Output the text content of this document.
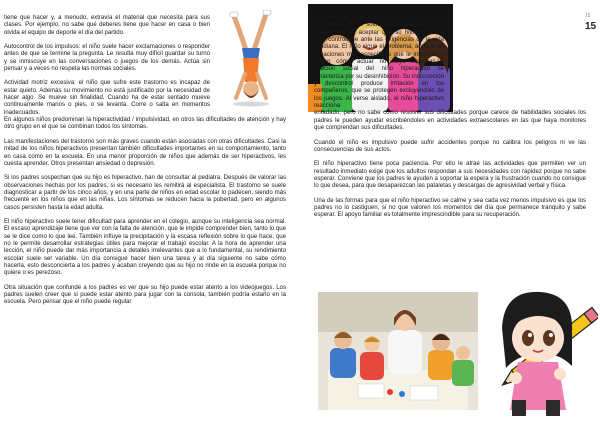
15
15

tiene que hacer y, a menudo, extravía el material que necesita para sus clases. Por ejemplo, no sabe qué deberes tiene que hacer en casa o bien olvida el equipo de deporte el día del partido.

Autocontrol de los impulsos: el niño suele hacer exclamaciones o responder antes de que se termine la pregunta. Le resulta muy difícil guardar su turno y se inmiscuye en las conversaciones o juegos de los demás. Actúa sin pensar y a veces no respeta las normas sociales.

Actividad motriz excesiva: el niño que sufre este trastorno es incapaz de estar quieto. Además su movimiento no está justificado por la necesidad de hacer algo. Se mueve sin finalidad. Cuando ha de estar sentado mueve continuamente manos o pies, o se levanta. Corre o salta en momentos inadecuados.

En algunos niños predominan la hiperactividad / impulsividad, en otros las dificultades de atención y hay otro grupo en el que se combinan todos los síntomas.

Las manifestaciones del trastorno son más graves cuando están asociadas con otras dificultades. Casi la mitad de los niños hiperactivos presentan también dificultades importantes en su comportamiento, tanto en casa como en la escuela. En una menor proporción de niños que además de ser hiperactivos, les cuesta aprender. Otros presentan ansiedad o depresión.

Si los padres sospechan que su hijo es hiperactivo, han de consultar al pediatra. Después de valorar las observaciones hechas por los padres, si es necesario les remitirá al especialista. El trastorno se suele diagnosticar a partir de los cinco años, y en una parte de niños en edad escolar lo padecen, siendo más frecuente en los niños que en las niñas. Los síntomas se reducen hacia la pubertad, pero en algunos casos persisten hasta la edad adulta.

El niño hiperactivo suele tener dificultad para aprender en el colegio, aunque su inteligencia sea normal. El escaso aprendizaje tiene que ver con la falta de atención, que le impide comprender bien, tanto lo que se le dice como lo que lee. También influye la precipitación y la escasa reflexión sobre lo que hace, que no le permite desarrollar estrategias útiles para mejorar el trabajo escolar. A la hora de aprender una lección, el niño puede dar más importancia a detalles irrelevantes que a lo fundamental, su rendimiento escolar suele ser variable. Un día consigue hacer bien una tarea y al día siguiente no sabe cómo hacerla, esto desconcierta a los padres y acaban creyendo que su hijo no rinde en la escuela porque no quiere o es perezoso.

Otra situación que confunde a los padres es ver que su hijo puede estar atento a los videojuegos. Los padres suelen creer que si puede estar atento para jugar con la consola, también podría estarlo en la escuela. Pero pensar que el niño puede regular

sus síntomas a voluntad es un error que aleja a los padres de la solución del problema. Los padres han de aceptar que su hijo no puede auto controlarse ante las exigencias de la vida cotidiana. El niño sigue el problema, aunque en situaciones muy específicas que le interesan y saben cómo actuar no haya síntomas.La relación social del niño hiperactivo se caracteriza por su desinhibición. Su indiscreción y descontrol produce irritación en los compañeros, que se protegen excluyéndolo de los juegos. Al verse aislado, el niño hiperactivo reacciona

enfadado, pero no sabe como resolver sus dificultades porque carece de habilidades sociales los padres le pueden ayudar escribiéndoles en actividades extraescolares en las que haya monitores que comprendan sus dificultades.

Cuando el niño es impulsivo puede sufrir accidentes porque no calibra los peligros ni ve las consecuencias de sus actos.

El niño hiperactivo tiene poca paciencia. Por ello le atrae las actividades que permiten ver un resultado inmediato exige que los adultos respondan a sus necesidades con rapidez porque no sabe esperar. Conviene que los padres le ayuden a soportar la espera y la frustración cuando no consigue lo que desea, para que desaparezcan las pataletas y descargas de agresividad verbal y física.

Una de las formas para que el niño hiperactivo se calme y sea cada vez menos impulsivo es que los padres no lo castiguen, si no que valoren los momentos del día que permanece tranquilo y sabe esperar. El apoyo familiar es totalmente imprescindible para su recuperación.
